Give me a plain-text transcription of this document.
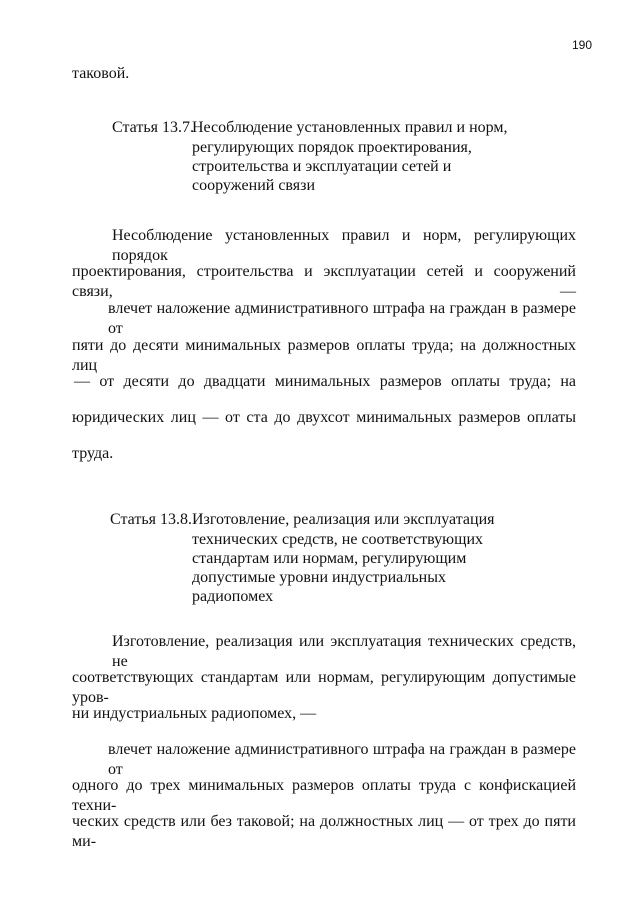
190
таковой.
Статья 13.7.
Несоблюдение установленных правил и норм,
регулирующих порядок проектирования,
строительства и эксплуатации сетей и
сооружений связи
Несоблюдение установленных правил и норм, регулирующих порядок
проектирования, строительства и эксплуатации сетей и сооружений связи, —
влечет наложение административного штрафа на граждан в размере от
пяти до десяти минимальных размеров оплаты труда; на должностных лиц
— от десяти до двадцати минимальных размеров оплаты труда; на
юридических лиц — от ста до двухсот минимальных размеров оплаты
труда.
Статья 13.8. Изготовление, реализация или эксплуатация
технических средств, не соответствующих
стандартам или нормам, регулирующим
допустимые уровни индустриальных
радиопомех
Изготовление, реализация или эксплуатация технических средств, не
соответствующих стандартам или нормам, регулирующим допустимые уров-
ни индустриальных радиопомех, —
влечет наложение административного штрафа на граждан в размере от
одного до трех минимальных размеров оплаты труда с конфискацией техни-
ческих средств или без таковой; на должностных лиц — от трех до пяти ми-
